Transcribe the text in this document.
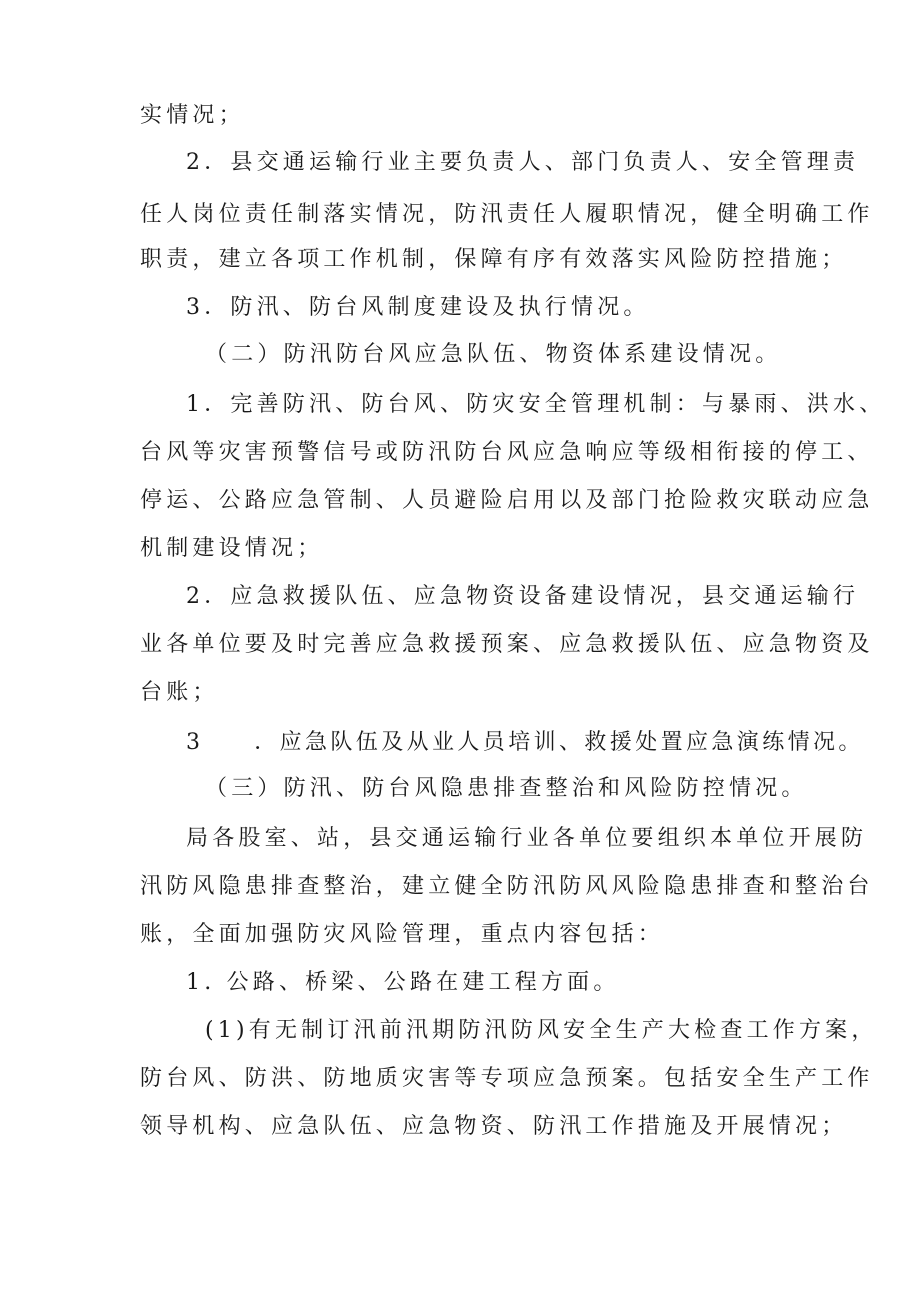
实情况；
2．县交通运输行业主要负责人、部门负责人、安全管理责
任人岗位责任制落实情况，防汛责任人履职情况，健全明确工作
职责，建立各项工作机制，保障有序有效落实风险防控措施；
3．防汛、防台风制度建设及执行情况。
（二）防汛防台风应急队伍、物资体系建设情况。
1．完善防汛、防台风、防灾安全管理机制：与暴雨、洪水、
台风等灾害预警信号或防汛防台风应急响应等级相衔接的停工、
停运、公路应急管制、人员避险启用以及部门抢险救灾联动应急
机制建设情况；
2．应急救援队伍、应急物资设备建设情况，县交通运输行
业各单位要及时完善应急救援预案、应急救援队伍、应急物资及
台账；
3　　．应急队伍及从业人员培训、救援处置应急演练情况。
（三）防汛、防台风隐患排查整治和风险防控情况。
局各股室、站，县交通运输行业各单位要组织本单位开展防
汛防风隐患排查整治，建立健全防汛防风风险隐患排查和整治台
账，全面加强防灾风险管理，重点内容包括：
1. 公路、桥梁、公路在建工程方面。
(1)有无制订汛前汛期防汛防风安全生产大检查工作方案，
防台风、防洪、防地质灾害等专项应急预案。包括安全生产工作
领导机构、应急队伍、应急物资、防汛工作措施及开展情况；
